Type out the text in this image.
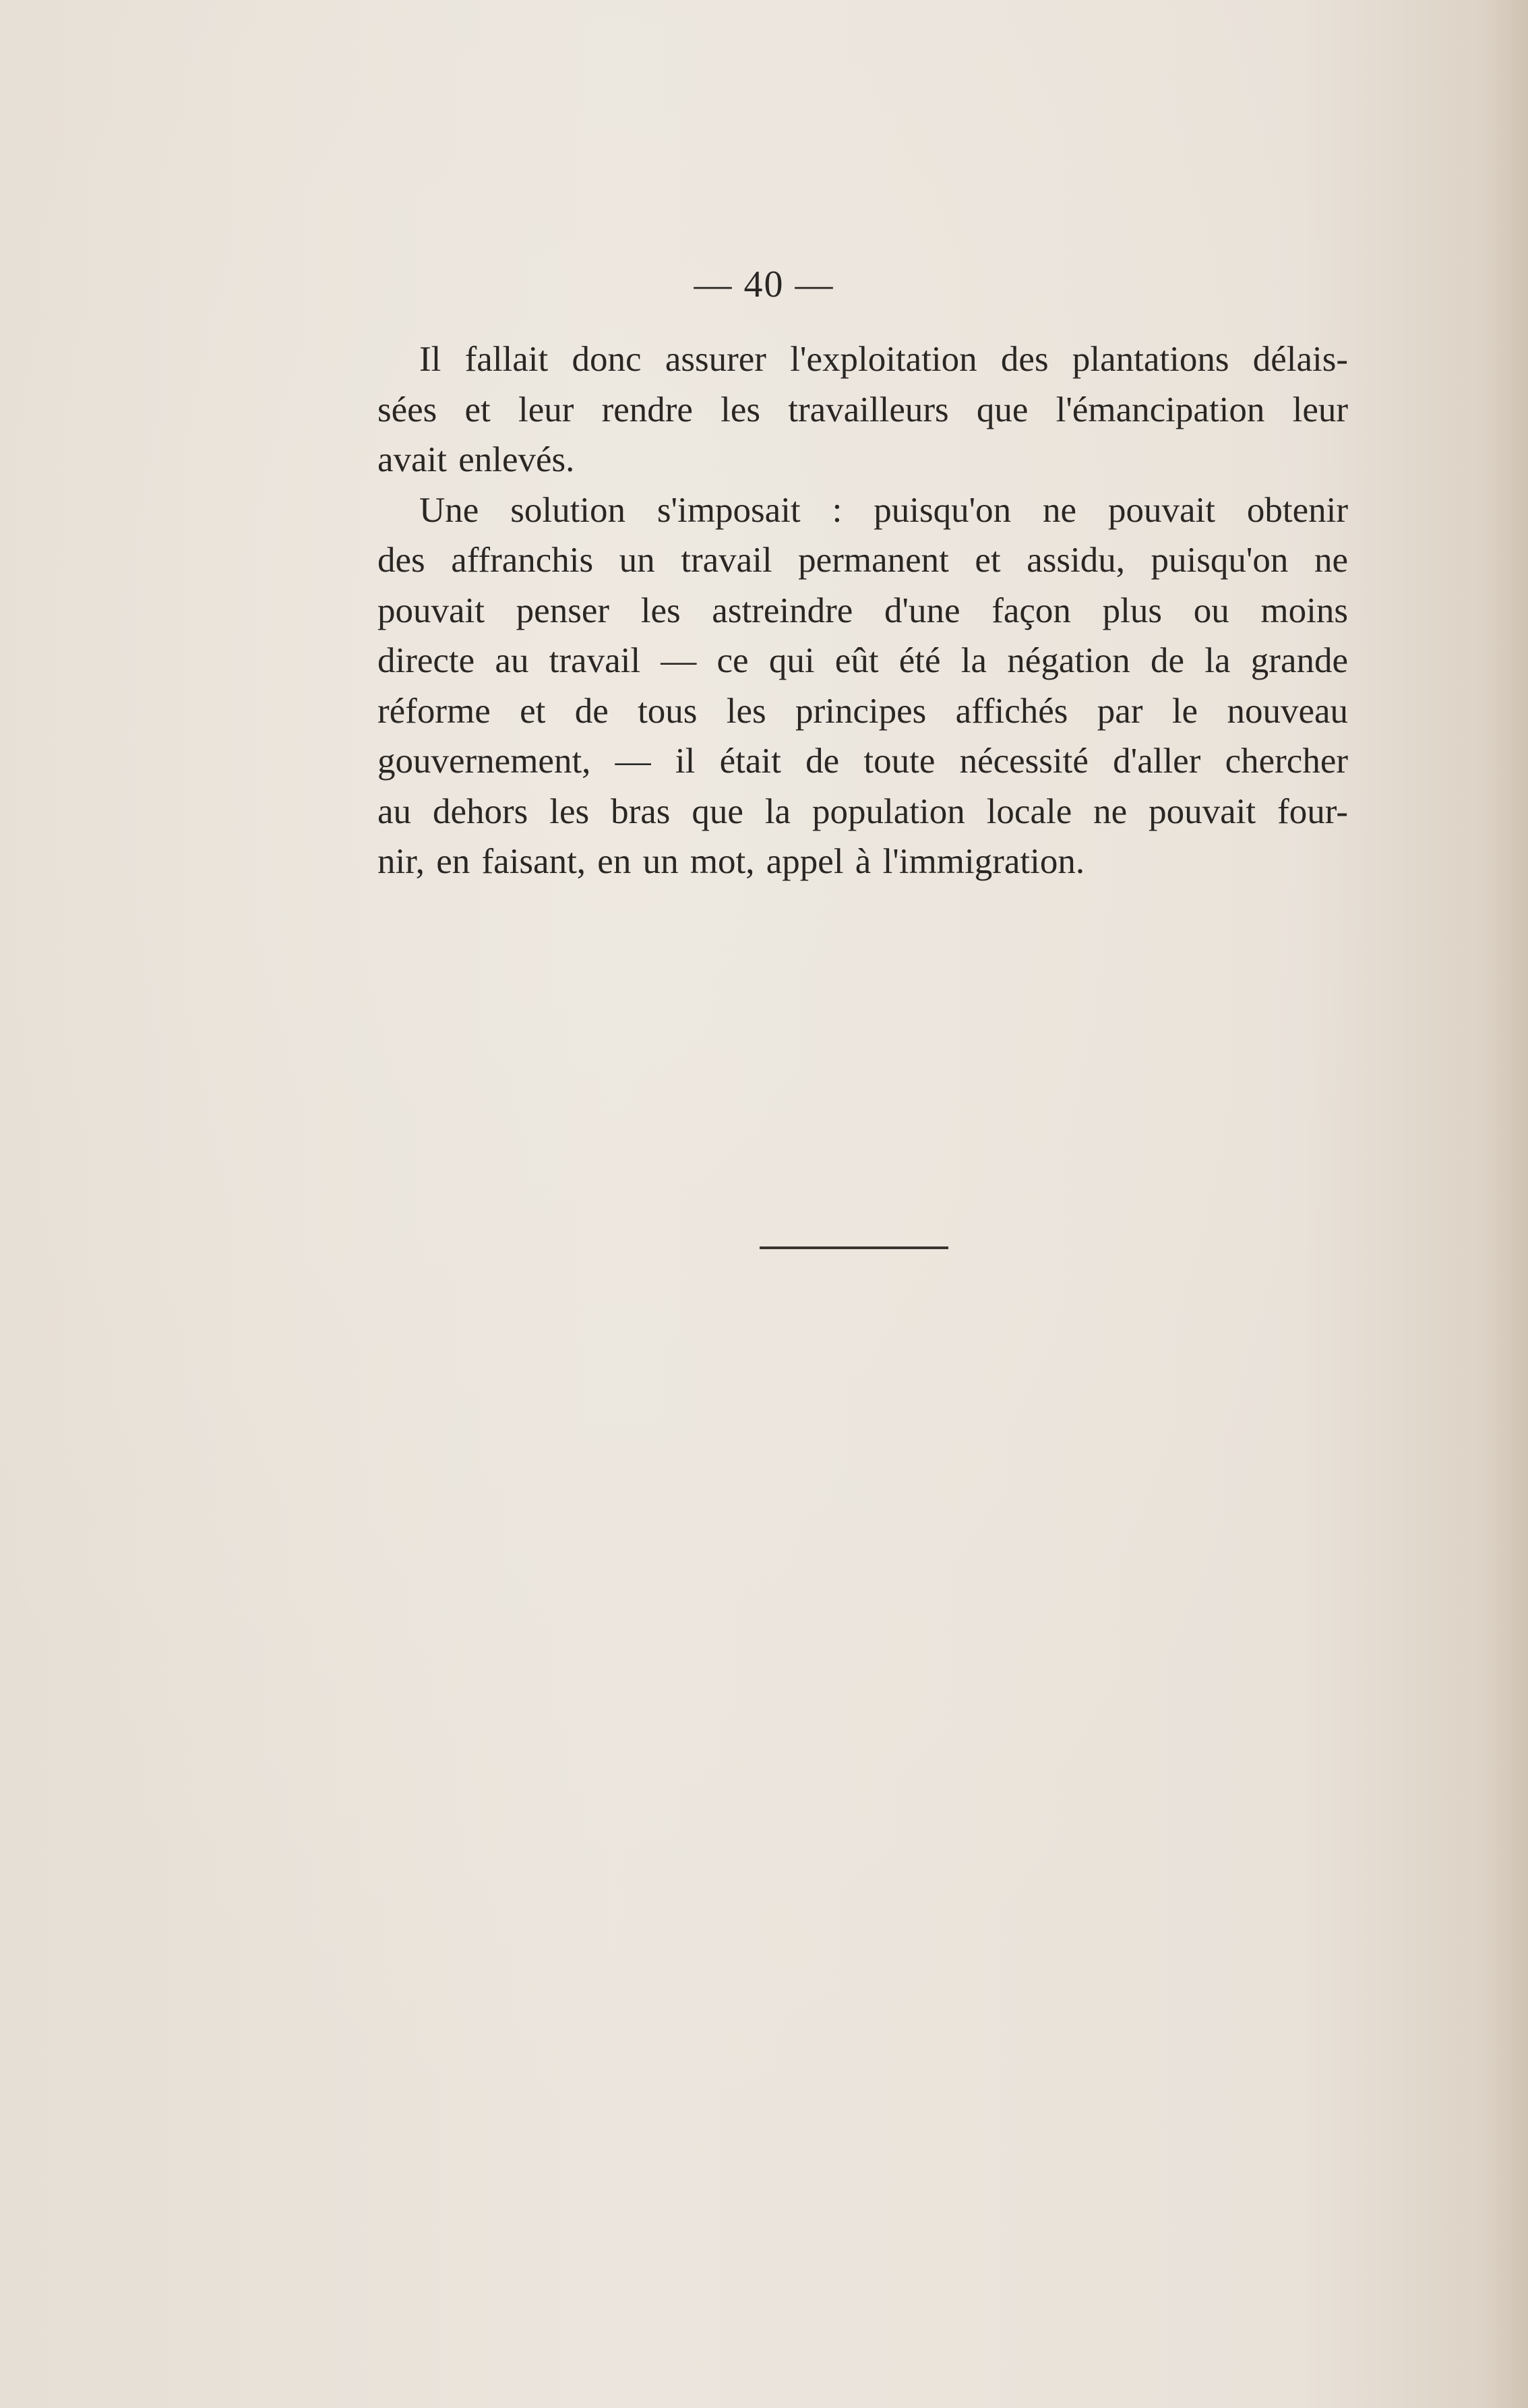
— 40 —

Il fallait donc assurer l'exploitation des plantations délais-
sées et leur rendre les travailleurs que l'émancipation leur
avait enlevés.

Une solution s'imposait : puisqu'on ne pouvait obtenir
des affranchis un travail permanent et assidu, puisqu'on ne
pouvait penser les astreindre d'une façon plus ou moins
directe au travail — ce qui eût été la négation de la grande
réforme et de tous les principes affichés par le nouveau
gouvernement, — il était de toute nécessité d'aller chercher
au dehors les bras que la population locale ne pouvait four-
nir, en faisant, en un mot, appel à l'immigration.
